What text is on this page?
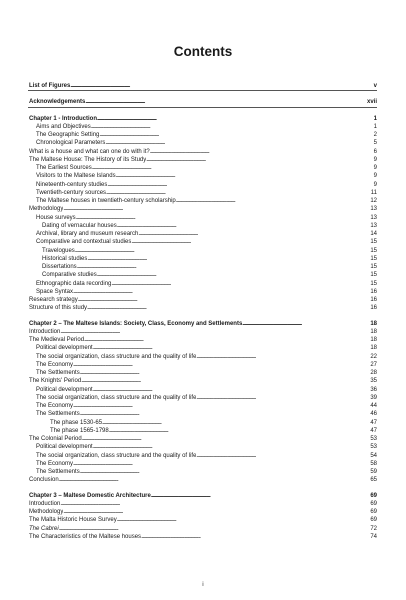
Contents
List of Figures . . .	v
Acknowledgements . . .	xvii
Chapter 1 - Introduction . . .	1
Aims and Objectives . . .	1
The Geographic Setting . . .	2
Chronological Parameters . . .	5
What is a house and what can one do with it? . . .	6
The Maltese House: The History of its Study . . .	9
The Earliest Sources . . .	9
Visitors to the Maltese Islands . . .	9
Nineteenth-century studies . . .	9
Twentieth-century sources . . .	11
The Maltese houses in twentieth-century scholarship . . .	12
Methodology . . .	13
House surveys . . .	13
Dating of vernacular houses . . .	13
Archival, library and museum research . . .	14
Comparative and contextual studies . . .	15
Travelogues . . .	15
Historical studies . . .	15
Dissertations . . .	15
Comparative studies . . .	15
Ethnographic data recording . . .	15
Space Syntax . . .	16
Research strategy . . .	16
Structure of this study . . .	16
Chapter 2 – The Maltese Islands: Society, Class, Economy and Settlements . . .	18
Introduction . . .	18
The Medieval Period . . .	18
Political development . . .	18
The social organization, class structure and the quality of life . . .	22
The Economy . . .	27
The Settlements . . .	28
The Knights' Period . . .	35
Political development . . .	36
The social organization, class structure and the quality of life . . .	39
The Economy . . .	44
The Settlements . . .	46
The phase 1530-65 . . .	47
The phase 1565-1798 . . .	47
The Colonial Period . . .	53
Political development . . .	53
The social organization, class structure and the quality of life . . .	54
The Economy . . .	58
The Settlements . . .	59
Conclusion . . .	65
Chapter 3 – Maltese Domestic Architecture . . .	69
Introduction . . .	69
Methodology . . .	69
The Malta Historic House Survey . . .	69
The Cabrei . . .	72
The Characteristics of the Maltese houses . . .	74
i
